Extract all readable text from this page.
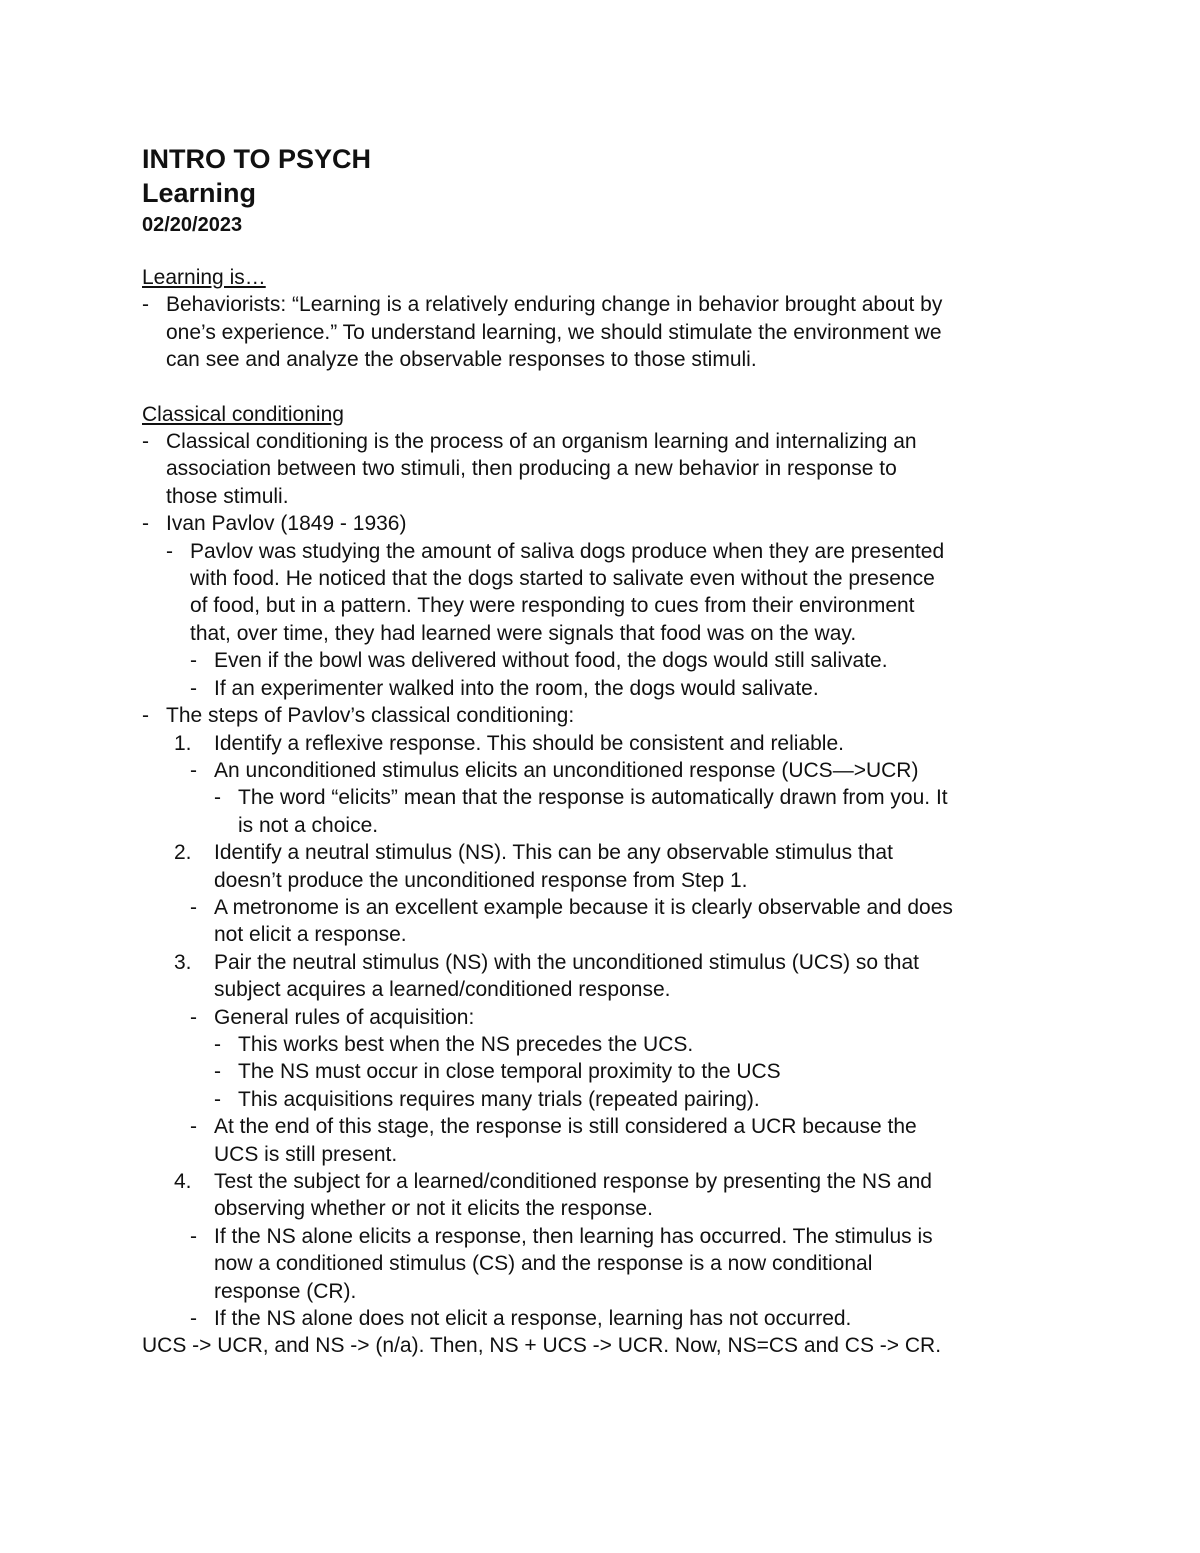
INTRO TO PSYCH

Learning

02/20/2023

Learning is…
- Behaviorists: “Learning is a relatively enduring change in behavior brought about by
one’s experience.” To understand learning, we should stimulate the environment we
can see and analyze the observable responses to those stimuli.
Classical conditioning
- Classical conditioning is the process of an organism learning and internalizing an
association between two stimuli, then producing a new behavior in response to
those stimuli.
- Ivan Pavlov (1849 - 1936)
- Pavlov was studying the amount of saliva dogs produce when they are presented
with food. He noticed that the dogs started to salivate even without the presence
of food, but in a pattern. They were responding to cues from their environment
that, over time, they had learned were signals that food was on the way.
- Even if the bowl was delivered without food, the dogs would still salivate.
- If an experimenter walked into the room, the dogs would salivate.
- The steps of Pavlov’s classical conditioning:
1.	Identify a reflexive response. This should be consistent and reliable.
- An unconditioned stimulus elicits an unconditioned response (UCS—>UCR)
- The word “elicits” mean that the response is automatically drawn from you. It
is not a choice.
2.	Identify a neutral stimulus (NS). This can be any observable stimulus that
doesn’t produce the unconditioned response from Step 1.
- A metronome is an excellent example because it is clearly observable and does
not elicit a response.
3.	Pair the neutral stimulus (NS) with the unconditioned stimulus (UCS) so that
subject acquires a learned/conditioned response.
- General rules of acquisition:
- This works best when the NS precedes the UCS.
- The NS must occur in close temporal proximity to the UCS
- This acquisitions requires many trials (repeated pairing).
- At the end of this stage, the response is still considered a UCR because the
UCS is still present.
4.	Test the subject for a learned/conditioned response by presenting the NS and
observing whether or not it elicits the response.
- If the NS alone elicits a response, then learning has occurred. The stimulus is
now a conditioned stimulus (CS) and the response is a now conditional
response (CR).
- If the NS alone does not elicit a response, learning has not occurred.
UCS -> UCR, and NS -> (n/a). Then, NS + UCS -> UCR. Now, NS=CS and CS -> CR.
